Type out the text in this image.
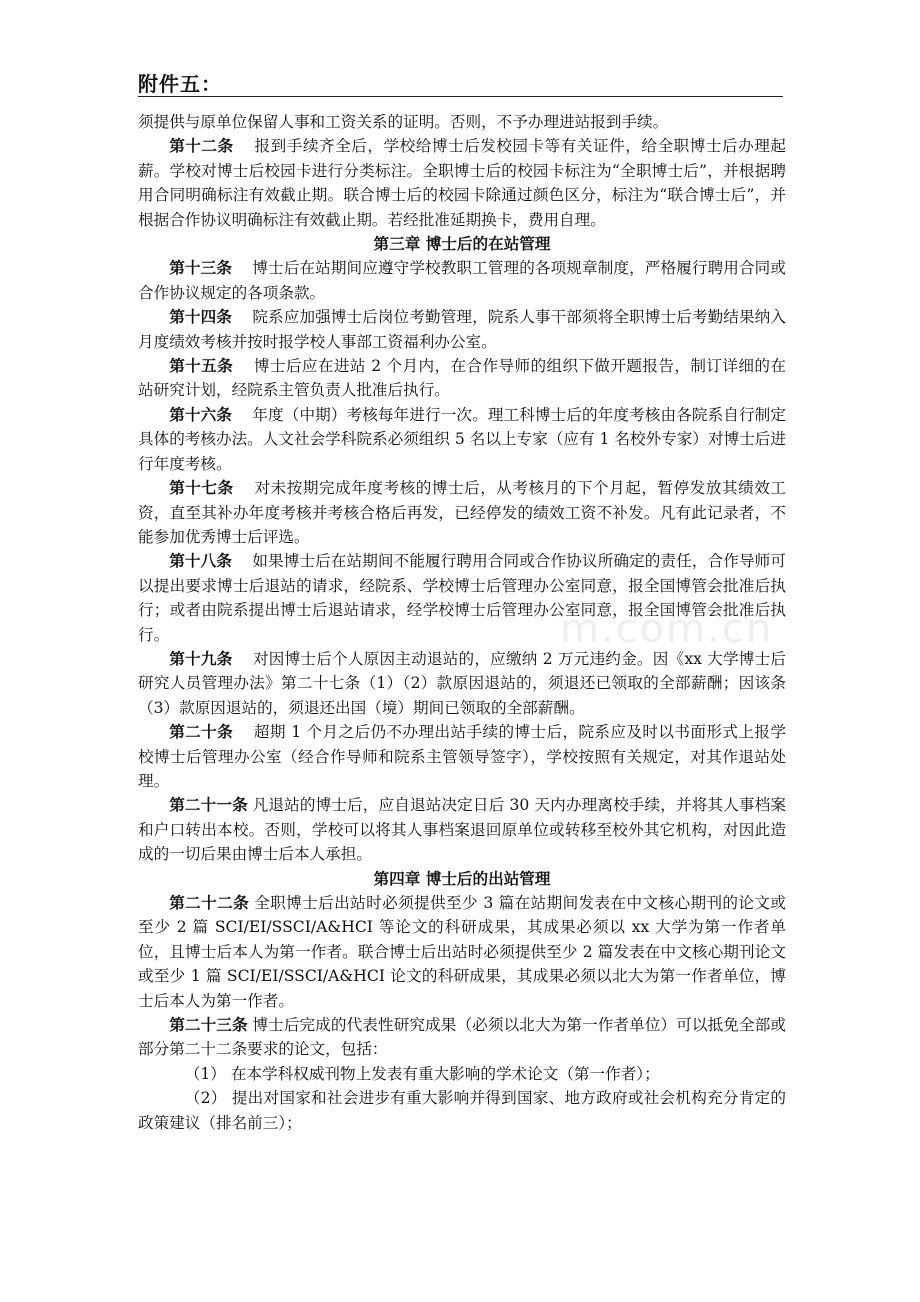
附件五：
m.com.cn

须提供与原单位保留人事和工资关系的证明。否则，不予办理进站报到手续。

第十二条 报到手续齐全后，学校给博士后发校园卡等有关证件，给全职博士后办理起薪。学校对博士后校园卡进行分类标注。全职博士后的校园卡标注为“全职博士后”，并根据聘用合同明确标注有效截止期。联合博士后的校园卡除通过颜色区分，标注为“联合博士后”，并根据合作协议明确标注有效截止期。若经批准延期换卡，费用自理。

第三章 博士后的在站管理

第十三条 博士后在站期间应遵守学校教职工管理的各项规章制度，严格履行聘用合同或合作协议规定的各项条款。

第十四条 院系应加强博士后岗位考勤管理，院系人事干部须将全职博士后考勤结果纳入月度绩效考核并按时报学校人事部工资福利办公室。

第十五条 博士后应在进站 2 个月内，在合作导师的组织下做开题报告，制订详细的在站研究计划，经院系主管负责人批准后执行。

第十六条 年度（中期）考核每年进行一次。理工科博士后的年度考核由各院系自行制定具体的考核办法。人文社会学科院系必须组织 5 名以上专家（应有 1 名校外专家）对博士后进行年度考核。

第十七条 对未按期完成年度考核的博士后，从考核月的下个月起，暂停发放其绩效工资，直至其补办年度考核并考核合格后再发，已经停发的绩效工资不补发。凡有此记录者，不能参加优秀博士后评选。

第十八条 如果博士后在站期间不能履行聘用合同或合作协议所确定的责任，合作导师可以提出要求博士后退站的请求，经院系、学校博士后管理办公室同意，报全国博管会批准后执行；或者由院系提出博士后退站请求，经学校博士后管理办公室同意，报全国博管会批准后执行。

第十九条 对因博士后个人原因主动退站的，应缴纳 2 万元违约金。因《xx 大学博士后研究人员管理办法》第二十七条（1）（2）款原因退站的，须退还已领取的全部薪酬；因该条（3）款原因退站的，须退还出国（境）期间已领取的全部薪酬。

第二十条 超期 1 个月之后仍不办理出站手续的博士后，院系应及时以书面形式上报学校博士后管理办公室（经合作导师和院系主管领导签字），学校按照有关规定，对其作退站处理。

第二十一条 凡退站的博士后，应自退站决定日后 30 天内办理离校手续，并将其人事档案和户口转出本校。否则，学校可以将其人事档案退回原单位或转移至校外其它机构，对因此造成的一切后果由博士后本人承担。

第四章 博士后的出站管理

第二十二条 全职博士后出站时必须提供至少 3 篇在站期间发表在中文核心期刊的论文或至少 2 篇 SCI/EI/SSCI/A&HCI 等论文的科研成果，其成果必须以 xx 大学为第一作者单位，且博士后本人为第一作者。联合博士后出站时必须提供至少 2 篇发表在中文核心期刊论文或至少 1 篇 SCI/EI/SSCI/A&HCI 论文的科研成果，其成果必须以北大为第一作者单位，博士后本人为第一作者。

第二十三条 博士后完成的代表性研究成果（必须以北大为第一作者单位）可以抵免全部或部分第二十二条要求的论文，包括：

（1） 在本学科权威刊物上发表有重大影响的学术论文（第一作者）；

（2） 提出对国家和社会进步有重大影响并得到国家、地方政府或社会机构充分肯定的政策建议（排名前三）；
